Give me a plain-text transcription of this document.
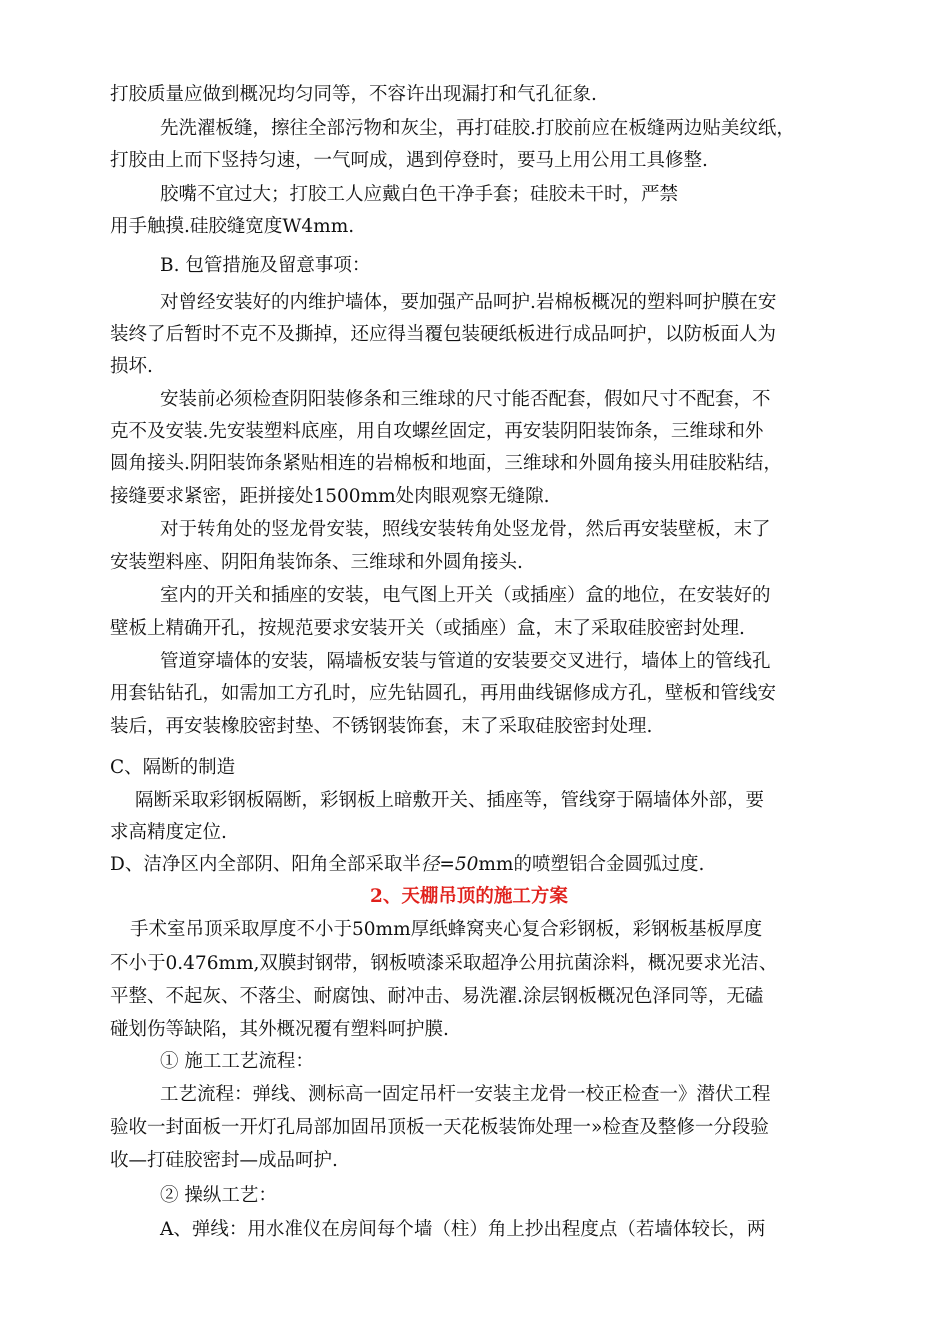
打胶质量应做到概况均匀同等，不容许出现漏打和气孔征象.
先洗濯板缝，擦往全部污物和灰尘，再打硅胶.打胶前应在板缝两边贴美纹纸，
打胶由上而下竖持匀速，一气呵成，遇到停登时，要马上用公用工具修整.
胶嘴不宜过大；打胶工人应戴白色干净手套；硅胶未干时，严禁
用手触摸.硅胶缝宽度W4mm.
B. 包管措施及留意事项：
对曾经安装好的内维护墙体，要加强产品呵护.岩棉板概况的塑料呵护膜在安
装终了后暂时不克不及撕掉，还应得当覆包装硬纸板进行成品呵护，以防板面人为
损坏.
安装前必须检查阴阳装修条和三维球的尺寸能否配套，假如尺寸不配套，不
克不及安装.先安装塑料底座，用自攻螺丝固定，再安装阴阳装饰条，三维球和外
圆角接头.阴阳装饰条紧贴相连的岩棉板和地面，三维球和外圆角接头用硅胶粘结，
接缝要求紧密，距拼接处1500mm处肉眼观察无缝隙.
对于转角处的竖龙骨安装，照线安装转角处竖龙骨，然后再安装壁板，末了
安装塑料座、阴阳角装饰条、三维球和外圆角接头.
室内的开关和插座的安装，电气图上开关（或插座）盒的地位，在安装好的
壁板上精确开孔，按规范要求安装开关（或插座）盒，末了采取硅胶密封处理.
管道穿墙体的安装，隔墙板安装与管道的安装要交叉进行，墙体上的管线孔
用套钻钻孔，如需加工方孔时，应先钻圆孔，再用曲线锯修成方孔，壁板和管线安
装后，再安装橡胶密封垫、不锈钢装饰套，末了采取硅胶密封处理.
C、隔断的制造
隔断采取彩钢板隔断，彩钢板上暗敷开关、插座等，管线穿于隔墙体外部，要
求高精度定位.
D、洁净区内全部阴、阳角全部采取半径=50mm的喷塑铝合金圆弧过度.
2、天棚吊顶的施工方案
手术室吊顶采取厚度不小于50mm厚纸蜂窝夹心复合彩钢板，彩钢板基板厚度
不小于0.476mm,双膜封钢带，钢板喷漆采取超净公用抗菌涂料，概况要求光洁、
平整、不起灰、不落尘、耐腐蚀、耐冲击、易洗濯.涂层钢板概况色泽同等，无磕
碰划伤等缺陷，其外概况覆有塑料呵护膜.
① 施工工艺流程：
工艺流程：弹线、测标高一固定吊杆一安装主龙骨一校正检查一》潜伏工程
验收一封面板一开灯孔局部加固吊顶板一天花板装饰处理一»检查及整修一分段验
收—打硅胶密封—成品呵护.
② 操纵工艺：
A、弹线：用水准仪在房间每个墙（柱）角上抄出程度点（若墙体较长，两
